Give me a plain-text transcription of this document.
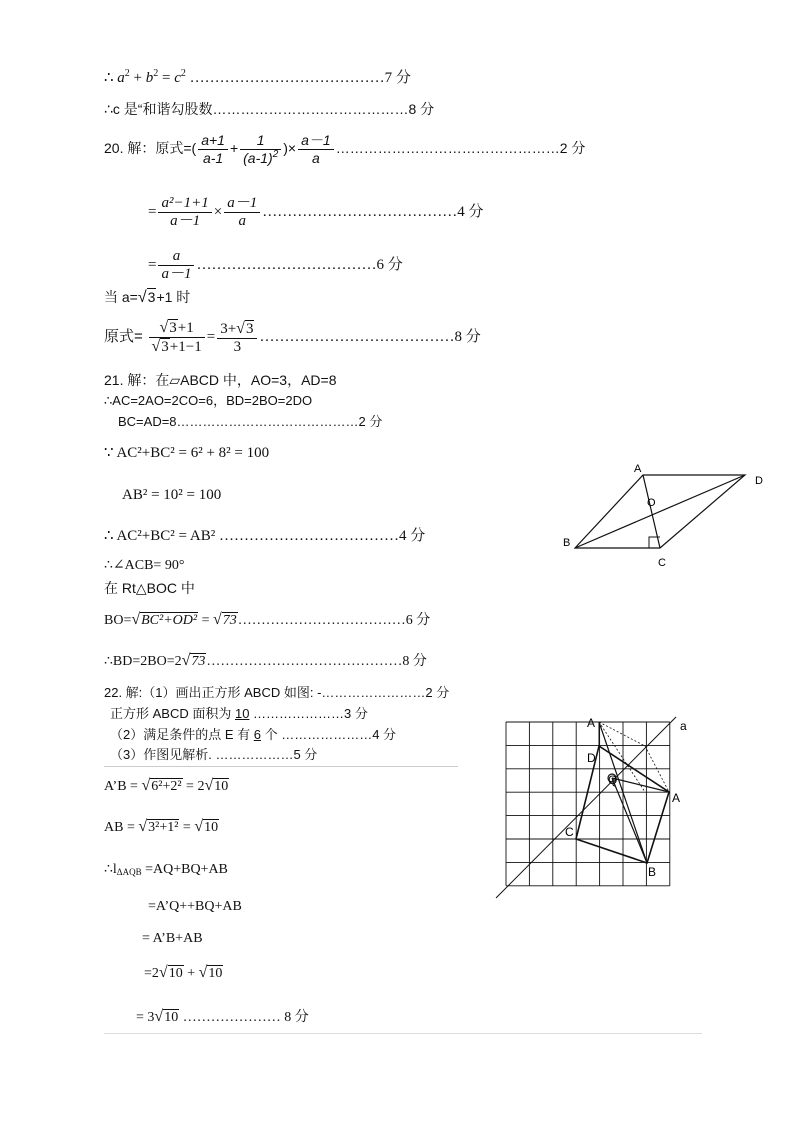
∴ $a^2 + b^2 = c^2$ …………………………………7 分
∴c 是“和谐勾股数……………………………………8 分
20. 解：原式=( $\frac{a+1}{a-1} + \frac{1}{(a-1)^2}$ )× $\frac{a-1}{a}$ …………………………………………2 分
= $\frac{\text{a²−1+1}}{a-1} \times \frac{a-1}{a}$ …………………………………4 分
= $\frac{a}{a-1}$ ………………………………6 分
当 a=√3+1 时
原式= $\frac{√3+1}{√3+1-1} = \frac{3+√3}{3}$ …………………………………8 分
21. 解：在▱ABCD 中，AO=3，AD=8
∴AC=2AO=2CO=6，BD=2BO=2DO
BC=AD=8……………………………………2 分
∵ AC²+BC² = 6² + 8² = 100
AB² = 10² = 100
∴ AC²+BC² = AB² ………………………………4 分
∴∠ACB= 90°
在 Rt△BOC 中
BO=√BC²+OD² = √73………………………………6 分
∴BD=2BO=2√73……………………………………8 分
A
D
O
B
C
22. 解:（1）画出正方形 ABCD 如图: -……………………2 分
正方形 ABCD 面积为 10 …………………3 分
（2）满足条件的点 E 有 6 个 …………………4 分
（3）作图见解析. ………………5 分
A’B = √6²+2² = 2√10
AB = √3²+1² = √10
$\therefore l_{\Delta AQB} =AQ+BQ+AB$
=A’Q++BQ+AB
= A’B+AB
=2√10 + √10
= 3√10 ………………… 8 分
A	a
D
Q
A
C
B
